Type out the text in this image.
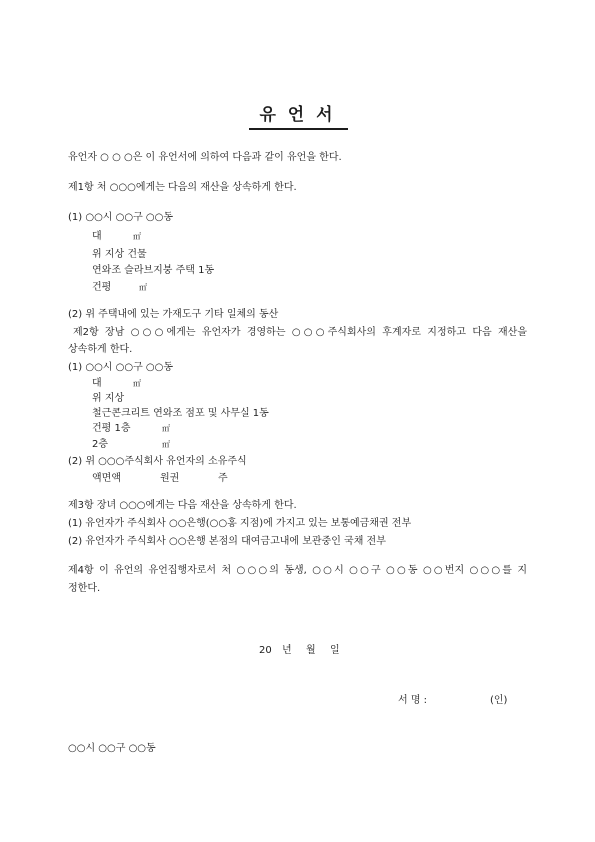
유 언 서
유언자 ○ ○ ○은 이 유언서에 의하여 다음과 같이 유언을 한다.
제1항 처 ○○○에게는 다음의 재산을 상속하게 한다.
(1) ○○시 ○○구 ○○동
대	㎡
위 지상 건물
연와조 슬라브지붕 주택 1동
건평	㎡
(2) 위 주택내에 있는 가재도구 기타 일체의 동산
제2항 장남 ○○○에게는 유언자가 경영하는 ○○○주식회사의 후계자로 지정하고 다음 재산을
상속하게 한다.
(1) ○○시 ○○구 ○○동
대	㎡
위 지상
철근콘크리트 연와조 점포 및 사무실 1동
건평 1층	㎡
2층	㎡
(2) 위 ○○○주식회사 유언자의 소유주식
액면액	원권	주
제3항 장녀 ○○○에게는 다음 재산을 상속하게 한다.
(1) 유언자가 주식회사 ○○은행(○○홍 지점)에 가지고 있는 보통예금채권 전부
(2) 유언자가 주식회사 ○○은행 본점의 대여금고내에 보관중인 국채 전부
제4항 이 유언의 유언집행자로서 처 ○○○의 동생, ○○시 ○○구 ○○동 ○○번지 ○○○를 지
정한다.
20 년 월 일
서 명 :	(인)
○○시 ○○구 ○○동
